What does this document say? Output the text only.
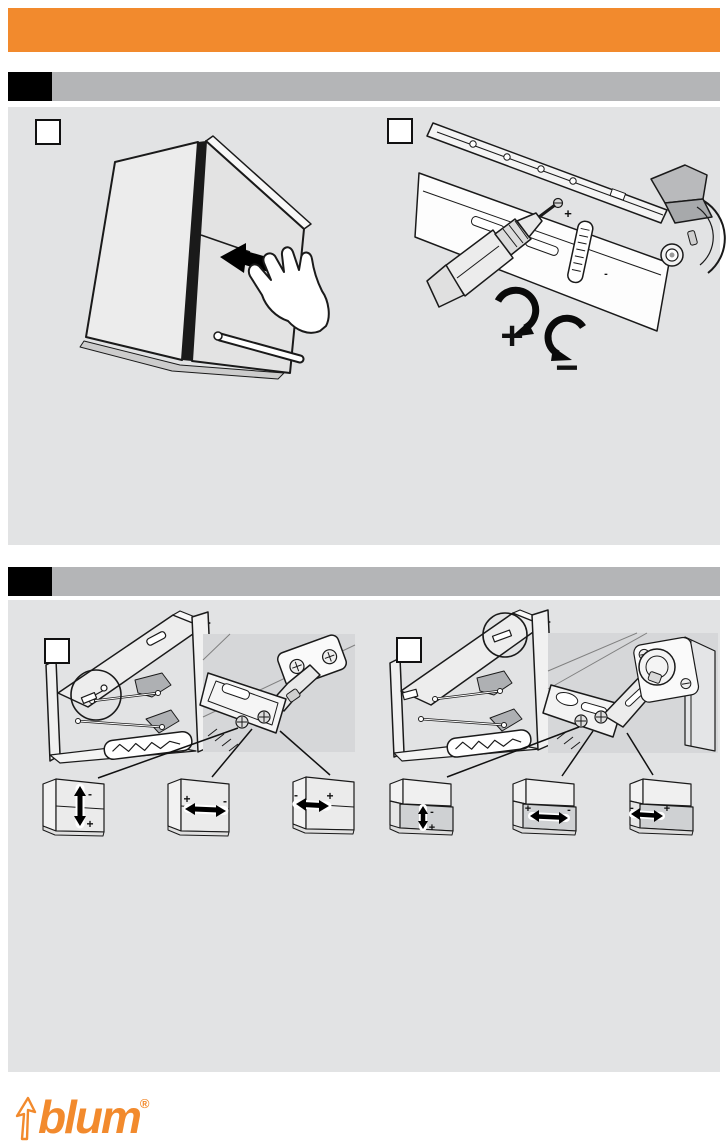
+
-
+
−
-
+
+	-	- +
-
+
+	-	-	+
blum ®
